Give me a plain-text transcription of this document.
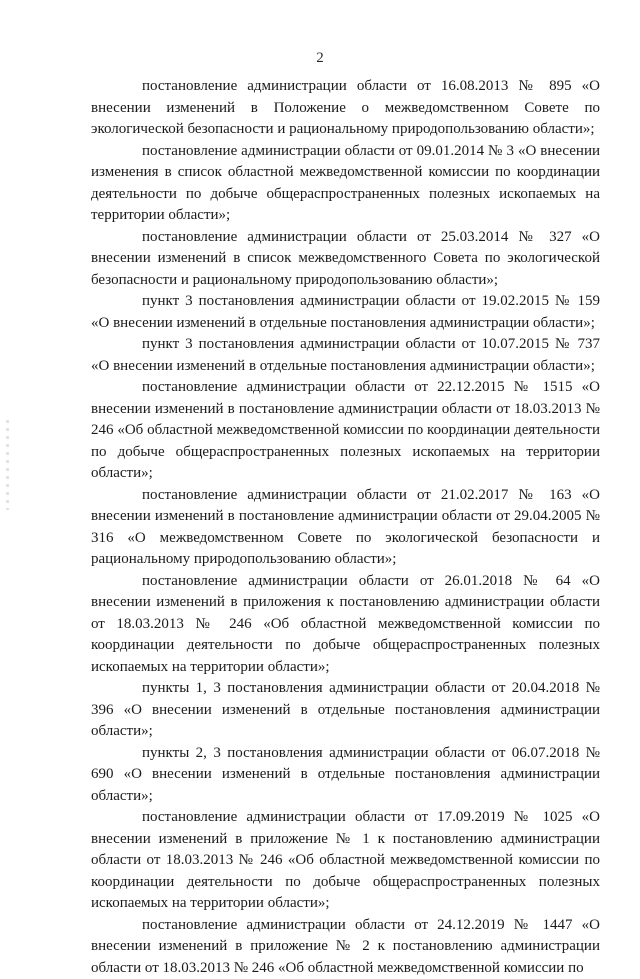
2

постановление администрации области от 16.08.2013 № 895 «О внесении изменений в Положение о межведомственном Совете по экологической безопасности и рациональному природопользованию области»;

постановление администрации области от 09.01.2014 № 3 «О внесении изменения в список областной межведомственной комиссии по координации деятельности по добыче общераспространенных полезных ископаемых на территории области»;

постановление администрации области от 25.03.2014 № 327 «О внесении изменений в список межведомственного Совета по экологической безопасности и рациональному природопользованию области»;

пункт 3 постановления администрации области от 19.02.2015 № 159 «О внесении изменений в отдельные постановления администрации области»;

пункт 3 постановления администрации области от 10.07.2015 № 737 «О внесении изменений в отдельные постановления администрации области»;

постановление администрации области от 22.12.2015 № 1515 «О внесении изменений в постановление администрации области от 18.03.2013 № 246 «Об областной межведомственной комиссии по координации деятельности по добыче общераспространенных полезных ископаемых на территории области»;

постановление администрации области от 21.02.2017 № 163 «О внесении изменений в постановление администрации области от 29.04.2005 № 316 «О межведомственном Совете по экологической безопасности и рациональному природопользованию области»;

постановление администрации области от 26.01.2018 № 64 «О внесении изменений в приложения к постановлению администрации области от 18.03.2013 № 246 «Об областной межведомственной комиссии по координации деятельности по добыче общераспространенных полезных ископаемых на территории области»;

пункты 1, 3 постановления администрации области от 20.04.2018 № 396 «О внесении изменений в отдельные постановления администрации области»;

пункты 2, 3 постановления администрации области от 06.07.2018 № 690 «О внесении изменений в отдельные постановления администрации области»;

постановление администрации области от 17.09.2019 № 1025 «О внесении изменений в приложение № 1 к постановлению администрации области от 18.03.2013 № 246 «Об областной межведомственной комиссии по координации деятельности по добыче общераспространенных полезных ископаемых на территории области»;

постановление администрации области от 24.12.2019 № 1447 «О внесении изменений в приложение № 2 к постановлению администрации области от 18.03.2013 № 246 «Об областной межведомственной комиссии по
